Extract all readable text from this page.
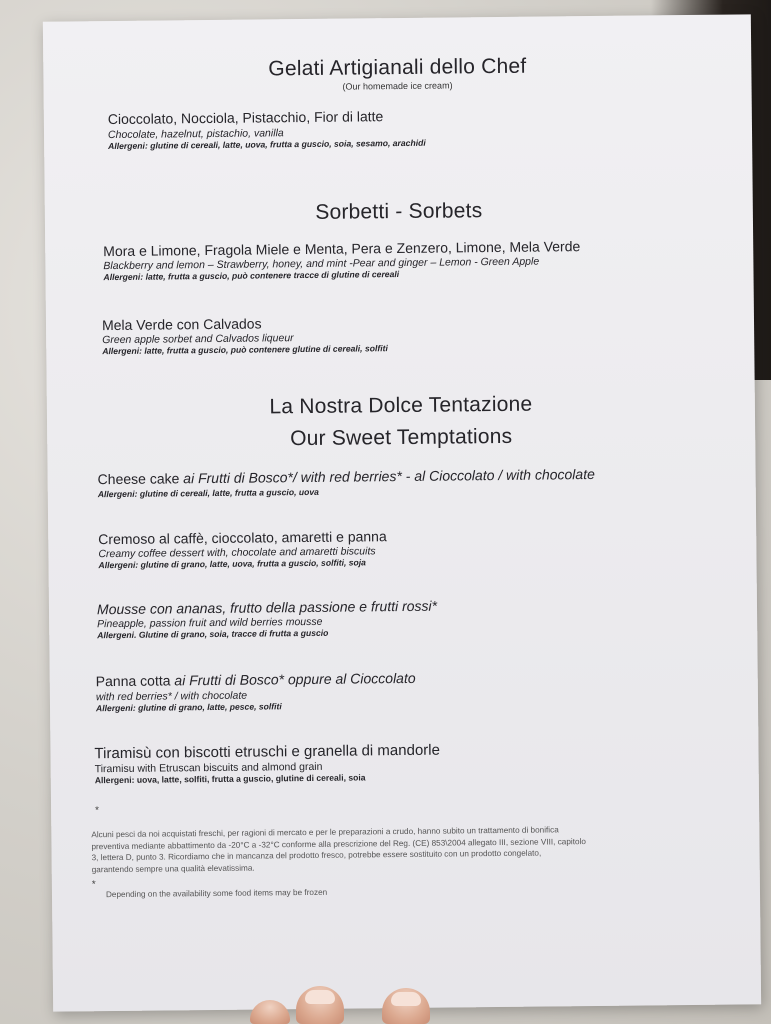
Gelati Artigianali dello Chef
(Our homemade ice cream)
Cioccolato, Nocciola, Pistacchio, Fior di latte
Chocolate, hazelnut, pistachio, vanilla
Allergeni: glutine di cereali, latte, uova, frutta a guscio, soia, sesamo, arachidi
Sorbetti - Sorbets
Mora e Limone, Fragola Miele e Menta, Pera e Zenzero, Limone, Mela Verde
Blackberry and lemon – Strawberry, honey, and mint -Pear and ginger – Lemon - Green Apple
Allergeni: latte, frutta a guscio, può contenere tracce di glutine di cereali
Mela Verde con Calvados
Green apple sorbet and Calvados liqueur
Allergeni: latte, frutta a guscio, può contenere glutine di cereali, solfiti
La Nostra Dolce Tentazione
Our Sweet Temptations
Cheese cake ai Frutti di Bosco*/ with red berries* - al Cioccolato / with chocolate
Allergeni: glutine di cereali, latte, frutta a guscio, uova
Cremoso al caffè, cioccolato, amaretti e panna
Creamy coffee dessert with, chocolate and amaretti biscuits
Allergeni: glutine di grano, latte, uova, frutta a guscio, solfiti, soja
Mousse con ananas, frutto della passione e frutti rossi*
Pineapple, passion fruit and wild berries mousse
Allergeni. Glutine di grano, soia, tracce di frutta a guscio
Panna cotta ai Frutti di Bosco* oppure al Cioccolato
with red berries* / with chocolate
Allergeni: glutine di grano, latte, pesce, solfiti
Tiramisù con biscotti etruschi e granella di mandorle
Tiramisu with Etruscan biscuits and almond grain
Allergeni: uova, latte, solfiti, frutta a guscio, glutine di cereali, soia
*
Alcuni pesci da noi acquistati freschi, per ragioni di mercato e per le preparazioni a crudo, hanno subito un trattamento di bonifica
preventiva mediante abbattimento da -20°C a -32°C conforme alla prescrizione del Reg. (CE) 853\2004 allegato III, sezione VIII, capitolo
3, lettera D, punto 3. Ricordiamo che in mancanza del prodotto fresco, potrebbe essere sostituito con un prodotto congelato,
garantendo sempre una qualità elevatissima.
*
Depending on the availability some food items may be frozen
